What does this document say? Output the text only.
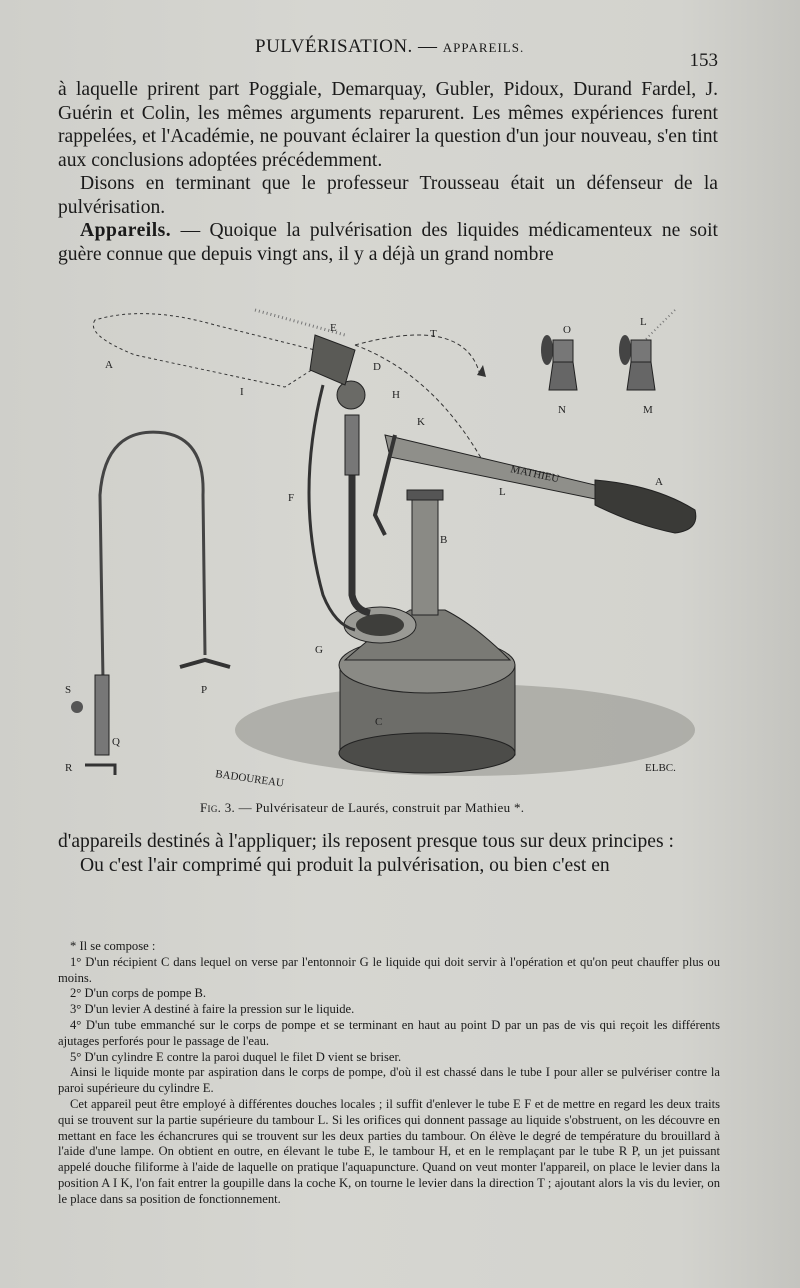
PULVÉRISATION. — APPAREILS.
153

à laquelle prirent part Poggiale, Demarquay, Gubler, Pidoux, Durand Fardel, J. Guérin et Colin, les mêmes arguments reparurent. Les mêmes expériences furent rappelées, et l'Académie, ne pouvant éclairer la question d'un jour nouveau, s'en tint aux conclusions adoptées précédemment.

Disons en terminant que le professeur Trousseau était un défenseur de la pulvérisation.

Appareils. — Quoique la pulvérisation des liquides médicamenteux ne soit guère connue que depuis vingt ans, il y a déjà un grand nombre

MATHIEU
A
I
E	T	O
L
D
H
K
N	M
A
L
F
B
G
C
P
S
Q
R
BADOUREAU
ELBC.
Fig. 3. — Pulvérisateur de Laurés, construit par Mathieu *.

d'appareils destinés à l'appliquer; ils reposent presque tous sur deux principes :

Ou c'est l'air comprimé qui produit la pulvérisation, ou bien c'est en

* Il se compose :

1° D'un récipient C dans lequel on verse par l'entonnoir G le liquide qui doit servir à l'opération et qu'on peut chauffer plus ou moins.

2° D'un corps de pompe B.

3° D'un levier A destiné à faire la pression sur le liquide.

4° D'un tube emmanché sur le corps de pompe et se terminant en haut au point D par un pas de vis qui reçoit les différents ajutages perforés pour le passage de l'eau.

5° D'un cylindre E contre la paroi duquel le filet D vient se briser.

Ainsi le liquide monte par aspiration dans le corps de pompe, d'où il est chassé dans le tube I pour aller se pulvériser contre la paroi supérieure du cylindre E.

Cet appareil peut être employé à différentes douches locales ; il suffit d'enlever le tube E F et de mettre en regard les deux traits qui se trouvent sur la partie supérieure du tambour L. Si les orifices qui donnent passage au liquide s'obstruent, on les découvre en mettant en face les échancrures qui se trouvent sur les deux parties du tambour. On élève le degré de température du brouillard à l'aide d'une lampe. On obtient en outre, en élevant le tube E, le tambour H, et en le remplaçant par le tube R P, un jet puissant appelé douche filiforme à l'aide de laquelle on pratique l'aquapuncture. Quand on veut monter l'appareil, on place le levier dans la position A I K, l'on fait entrer la goupille dans la coche K, on tourne le levier dans la direction T ; ajoutant alors la vis du levier, on le place dans sa position de fonctionnement.
